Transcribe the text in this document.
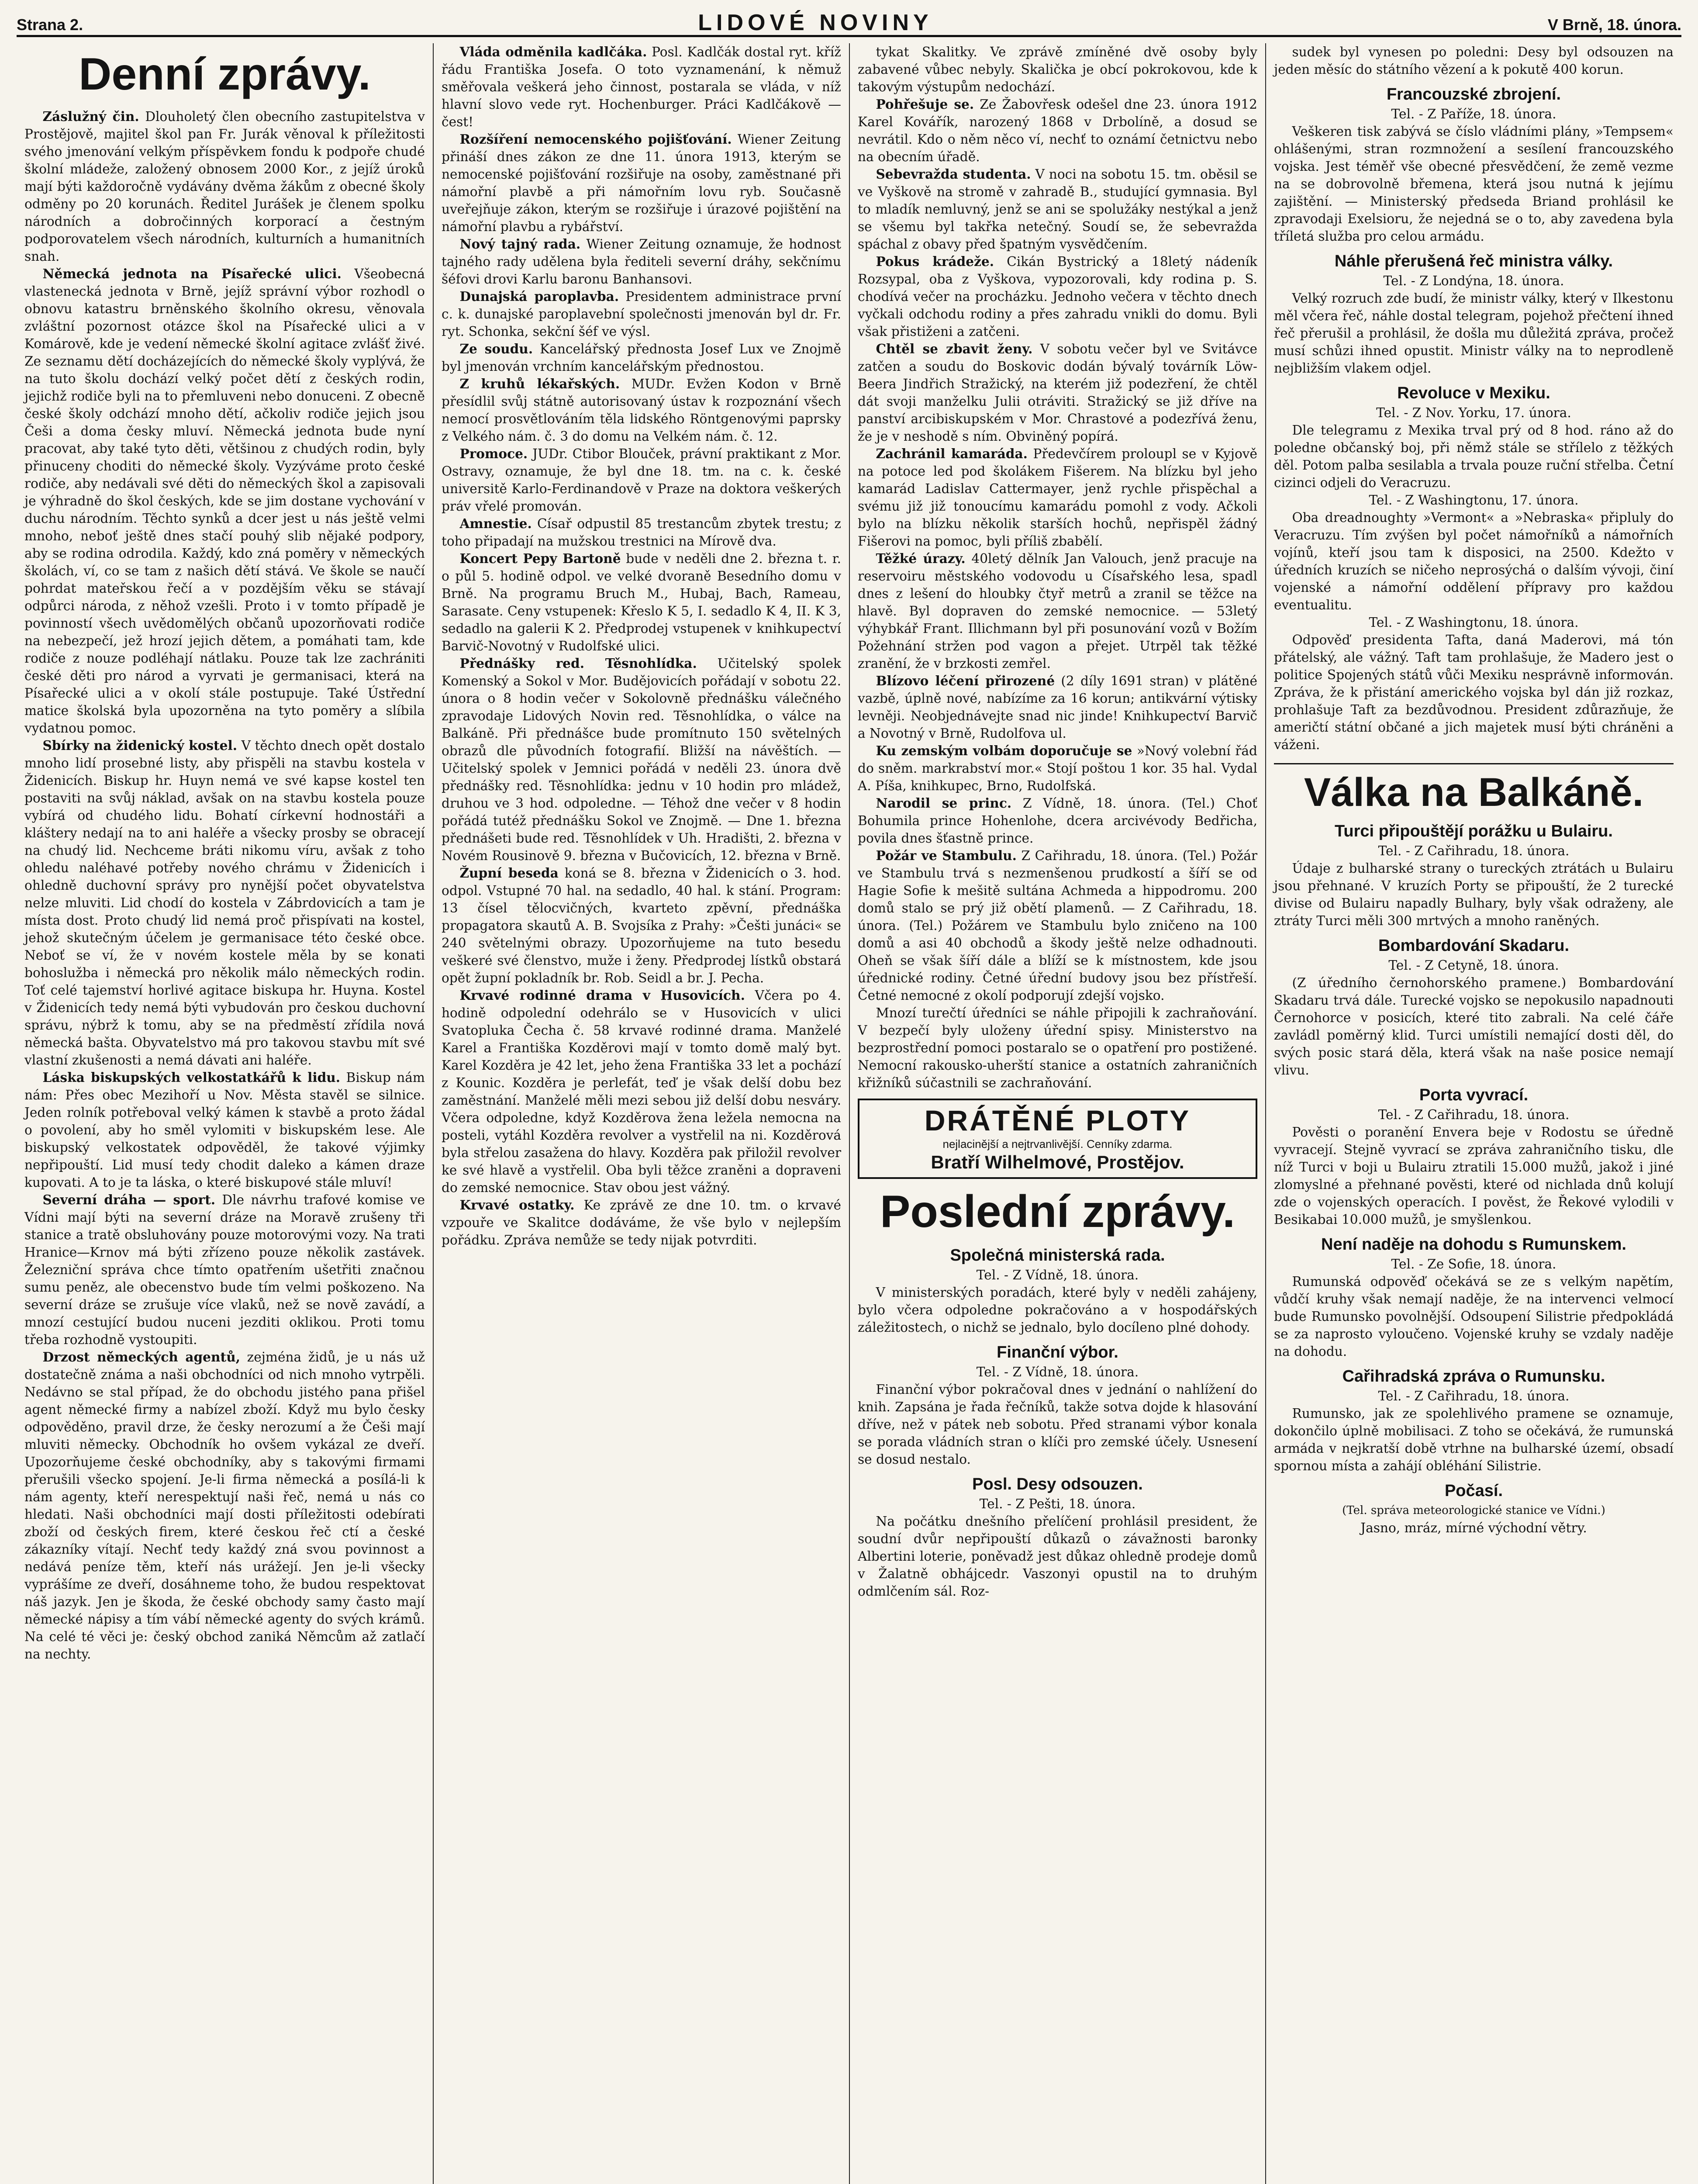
Strana 2.	LIDOVÉ NOVINY	V Brně, 18. února.
Denní zprávy.

Záslužný čin. Dlouholetý člen obecního zastupitelstva v Prostějově, majitel škol pan Fr. Jurák věnoval k příležitosti svého jmenování velkým příspěvkem fondu k podpoře chudé školní mládeže, založený obnosem 2000 Kor., z jejíž úroků mají býti každoročně vydávány dvěma žákům z obecné školy odměny po 20 korunách. Ředitel Jurášek je členem spolku národních a dobročinných korporací a čestným podporovatelem všech národních, kulturních a humanitních snah.

Německá jednota na Písařecké ulici. Všeobecná vlastenecká jednota v Brně, jejíž správní výbor rozhodl o obnovu katastru brněnského školního okresu, věnovala zvláštní pozornost otázce škol na Písařecké ulici a v Komárově, kde je vedení německé školní agitace zvlášť živé. Ze seznamu dětí docházejících do německé školy vyplývá, že na tuto školu dochází velký počet dětí z českých rodin, jejichž rodiče byli na to přemluveni nebo donuceni. Z obecně české školy odchází mnoho dětí, ačkoliv rodiče jejich jsou Češi a doma česky mluví. Německá jednota bude nyní pracovat, aby také tyto děti, většinou z chudých rodin, byly přinuceny choditi do německé školy. Vyzýváme proto české rodiče, aby nedávali své děti do německých škol a zapisovali je výhradně do škol českých, kde se jim dostane vychování v duchu národním. Těchto synků a dcer jest u nás ještě velmi mnoho, neboť ještě dnes stačí pouhý slib nějaké podpory, aby se rodina odrodila. Každý, kdo zná poměry v německých školách, ví, co se tam z našich dětí stává. Ve škole se naučí pohrdat mateřskou řečí a v pozdějším věku se stávají odpůrci národa, z něhož vzešli. Proto i v tomto případě je povinností všech uvědomělých občanů upozorňovati rodiče na nebezpečí, jež hrozí jejich dětem, a pomáhati tam, kde rodiče z nouze podléhají nátlaku. Pouze tak lze zachrániti české děti pro národ a vyrvati je germanisaci, která na Písařecké ulici a v okolí stále postupuje. Také Ústřední matice školská byla upozorněna na tyto poměry a slíbila vydatnou pomoc.

Sbírky na židenický kostel. V těchto dnech opět dostalo mnoho lidí prosebné listy, aby přispěli na stavbu kostela v Židenicích. Biskup hr. Huyn nemá ve své kapse kostel ten postaviti na svůj náklad, avšak on na stavbu kostela pouze vybírá od chudého lidu. Bohatí církevní hodnostáři a kláštery nedají na to ani haléře a všecky prosby se obracejí na chudý lid. Nechceme bráti nikomu víru, avšak z toho ohledu naléhavé potřeby nového chrámu v Židenicích i ohledně duchovní správy pro nynější počet obyvatelstva nelze mluviti. Lid chodí do kostela v Zábrdovicích a tam je místa dost. Proto chudý lid nemá proč přispívati na kostel, jehož skutečným účelem je germanisace této české obce. Neboť se ví, že v novém kostele měla by se konati bohoslužba i německá pro několik málo německých rodin. Toť celé tajemství horlivé agitace biskupa hr. Huyna. Kostel v Židenicích tedy nemá býti vybudován pro českou duchovní správu, nýbrž k tomu, aby se na předměstí zřídila nová německá bašta. Obyvatelstvo má pro takovou stavbu mít své vlastní zkušenosti a nemá dávati ani haléře.

Láska biskupských velkostatkářů k lidu. Biskup nám nám: Přes obec Mezihoří u Nov. Města stavěl se silnice. Jeden rolník potřeboval velký kámen k stavbě a proto žádal o povolení, aby ho směl vylomiti v biskupském lese. Ale biskupský velkostatek odpověděl, že takové výjimky nepřipouští. Lid musí tedy chodit daleko a kámen draze kupovati. A to je ta láska, o které biskupové stále mluví!

Severní dráha — sport. Dle návrhu trafové komise ve Vídni mají býti na severní dráze na Moravě zrušeny tři stanice a tratě obsluhovány pouze motorovými vozy. Na trati Hranice—Krnov má býti zřízeno pouze několik zastávek. Železniční správa chce tímto opatřením ušetřiti značnou sumu peněz, ale obecenstvo bude tím velmi poškozeno. Na severní dráze se zrušuje více vlaků, než se nově zavádí, a mnozí cestující budou nuceni jezditi oklikou. Proti tomu třeba rozhodně vystoupiti.

Drzost německých agentů, zejména židů, je u nás už dostatečně známa a naši obchodníci od nich mnoho vytrpěli. Nedávno se stal případ, že do obchodu jistého pana přišel agent německé firmy a nabízel zboží. Když mu bylo česky odpověděno, pravil drze, že česky nerozumí a že Češi mají mluviti německy. Obchodník ho ovšem vykázal ze dveří. Upozorňujeme české obchodníky, aby s takovými firmami přerušili všecko spojení. Je-li firma německá a posílá-li k nám agenty, kteří nerespektují naši řeč, nemá u nás co hledati. Naši obchodníci mají dosti příležitosti odebírati zboží od českých firem, které českou řeč ctí a české zákazníky vítají. Nechť tedy každý zná svou povinnost a nedává peníze těm, kteří nás urážejí. Jen je-li všecky vyprášíme ze dveří, dosáhneme toho, že budou respektovat náš jazyk. Jen je škoda, že české obchody samy často mají německé nápisy a tím vábí německé agenty do svých krámů. Na celé té věci je: český obchod zaniká Němcům až zatlačí na nechty.

Vláda odměnila kadlčáka. Posl. Kadlčák dostal ryt. kříž řádu Františka Josefa. O toto vyznamenání, k němuž směřovala veškerá jeho činnost, postarala se vláda, v níž hlavní slovo vede ryt. Hochenburger. Práci Kadlčákově — čest!

Rozšíření nemocenského pojišťování. Wiener Zeitung přináší dnes zákon ze dne 11. února 1913, kterým se nemocenské pojišťování rozšiřuje na osoby, zaměstnané při námořní plavbě a při námořním lovu ryb. Současně uveřejňuje zákon, kterým se rozšiřuje i úrazové pojištění na námořní plavbu a rybářství.

Nový tajný rada. Wiener Zeitung oznamuje, že hodnost tajného rady udělena byla řediteli severní dráhy, sekčnímu šéfovi drovi Karlu baronu Banhansovi.

Dunajská paroplavba. Presidentem administrace první c. k. dunajské paroplavební společnosti jmenován byl dr. Fr. ryt. Schonka, sekční šéf ve výsl.

Ze soudu. Kancelářský přednosta Josef Lux ve Znojmě byl jmenován vrchním kancelářským přednostou.

Z kruhů lékařských. MUDr. Evžen Kodon v Brně přesídlil svůj státně autorisovaný ústav k rozpoznání všech nemocí prosvětlováním těla lidského Röntgenovými paprsky z Velkého nám. č. 3 do domu na Velkém nám. č. 12.

Promoce. JUDr. Ctibor Blouček, právní praktikant z Mor. Ostravy, oznamuje, že byl dne 18. tm. na c. k. české universitě Karlo-Ferdinandově v Praze na doktora veškerých práv vřelé promován.

Amnestie. Císař odpustil 85 trestancům zbytek trestu; z toho připadají na mužskou trestnici na Mírově dva.

Koncert Pepy Bartoně bude v neděli dne 2. března t. r. o půl 5. hodině odpol. ve velké dvoraně Besedního domu v Brně. Na programu Bruch M., Hubaj, Bach, Rameau, Sarasate. Ceny vstupenek: Křeslo K 5, I. sedadlo K 4, II. K 3, sedadlo na galerii K 2. Předprodej vstupenek v knihkupectví Barvič-Novotný v Rudolfské ulici.

Přednášky red. Těsnohlídka. Učitelský spolek Komenský a Sokol v Mor. Budějovicích pořádají v sobotu 22. února o 8 hodin večer v Sokolovně přednášku válečného zpravodaje Lidových Novin red. Těsnohlídka, o válce na Balkáně. Při přednášce bude promítnuto 150 světelných obrazů dle původních fotografií. Bližší na návěštích. — Učitelský spolek v Jemnici pořádá v neděli 23. února dvě přednášky red. Těsnohlídka: jednu v 10 hodin pro mládež, druhou ve 3 hod. odpoledne. — Téhož dne večer v 8 hodin pořádá tutéž přednášku Sokol ve Znojmě. — Dne 1. března přednášeti bude red. Těsnohlídek v Uh. Hradišti, 2. března v Novém Rousinově 9. března v Bučovicích, 12. března v Brně.

Župní beseda koná se 8. března v Židenicích o 3. hod. odpol. Vstupné 70 hal. na sedadlo, 40 hal. k stání. Program: 13 čísel tělocvičných, kvarteto zpěvní, přednáška propagatora skautů A. B. Svojsíka z Prahy: »Češti junáci« se 240 světelnými obrazy. Upozorňujeme na tuto besedu veškeré své členstvo, muže i ženy. Předprodej lístků obstará opět župní pokladník br. Rob. Seidl a br. J. Pecha.

Krvavé rodinné drama v Husovicích. Včera po 4. hodině odpolední odehrálo se v Husovicích v ulici Svatopluka Čecha č. 58 krvavé rodinné drama. Manželé Karel a Františka Kozděrovi mají v tomto domě malý byt. Karel Kozděra je 42 let, jeho žena Františka 33 let a pochází z Kounic. Kozděra je perlefát, teď je však delší dobu bez zaměstnání. Manželé měli mezi sebou již delší dobu nesváry. Včera odpoledne, když Kozděrova žena ležela nemocna na posteli, vytáhl Kozděra revolver a vystřelil na ni. Kozděrová byla střelou zasažena do hlavy. Kozděra pak přiložil revolver ke své hlavě a vystřelil. Oba byli těžce zraněni a dopraveni do zemské nemocnice. Stav obou jest vážný.

Krvavé ostatky. Ke zprávě ze dne 10. tm. o krvavé vzpouře ve Skalitce dodáváme, že vše bylo v nejlepším pořádku. Zpráva nemůže se tedy nijak potvrditi.

tykat Skalitky. Ve zprávě zmíněné dvě osoby byly zabavené vůbec nebyly. Skalička je obcí pokrokovou, kde k takovým výstupům nedochází.

Pohřešuje se. Ze Žabovřesk odešel dne 23. února 1912 Karel Kovářík, narozený 1868 v Drbolíně, a dosud se nevrátil. Kdo o něm něco ví, nechť to oznámí četnictvu nebo na obecním úřadě.

Sebevražda studenta. V noci na sobotu 15. tm. oběsil se ve Vyškově na stromě v zahradě B., studující gymnasia. Byl to mladík nemluvný, jenž se ani se spolužáky nestýkal a jenž se všemu byl takřka netečný. Soudí se, že sebevražda spáchal z obavy před špatným vysvědčením.

Pokus krádeže. Cikán Bystrický a 18letý nádeník Rozsypal, oba z Vyškova, vypozorovali, kdy rodina p. S. chodívá večer na procházku. Jednoho večera v těchto dnech vyčkali odchodu rodiny a přes zahradu vnikli do domu. Byli však přistiženi a zatčeni.

Chtěl se zbavit ženy. V sobotu večer byl ve Svitávce zatčen a soudu do Boskovic dodán bývalý továrník Löw-Beera Jindřich Stražický, na kterém již podezření, že chtěl dát svoji manželku Julii otráviti. Stražický se již dříve na panství arcibiskupském v Mor. Chrastové a podezřívá ženu, že je v neshodě s ním. Obviněný popírá.

Zachránil kamaráda. Předevčírem proloupl se v Kyjově na potoce led pod školákem Fišerem. Na blízku byl jeho kamarád Ladislav Cattermayer, jenž rychle přispěchal a svému již již tonoucímu kamarádu pomohl z vody. Ačkoli bylo na blízku několik starších hochů, nepřispěl žádný Fišerovi na pomoc, byli příliš zbabělí.

Těžké úrazy. 40letý dělník Jan Valouch, jenž pracuje na reservoiru městského vodovodu u Císařského lesa, spadl dnes z lešení do hloubky čtyř metrů a zranil se těžce na hlavě. Byl dopraven do zemské nemocnice. — 53letý výhybkář Frant. Illichmann byl při posunování vozů v Božím Požehnání stržen pod vagon a přejet. Utrpěl tak těžké zranění, že v brzkosti zemřel.

Blízovo léčení přirozené (2 díly 1691 stran) v plátěné vazbě, úplně nové, nabízíme za 16 korun; antikvární výtisky levněji. Neobjednávejte snad nic jinde! Knihkupectví Barvič a Novotný v Brně, Rudolfova ul.

Ku zemským volbám doporučuje se »Nový volební řád do sněm. markrabství mor.« Stojí poštou 1 kor. 35 hal. Vydal A. Píša, knihkupec, Brno, Rudolfská.

Narodil se princ. Z Vídně, 18. února. (Tel.) Choť Bohumila prince Hohenlohe, dcera arcivévody Bedřicha, povila dnes šťastně prince.

Požár ve Stambulu. Z Cařihradu, 18. února. (Tel.) Požár ve Stambulu trvá s nezmenšenou prudkostí a šíří se od Hagie Sofie k mešitě sultána Achmeda a hippodromu. 200 domů stalo se prý již obětí plamenů. — Z Cařihradu, 18. února. (Tel.) Požárem ve Stambulu bylo zničeno na 100 domů a asi 40 obchodů a škody ještě nelze odhadnouti. Oheň se však šíří dále a blíží se k místnostem, kde jsou úřednické rodiny. Četné úřední budovy jsou bez přístřeší. Četné nemocné z okolí podporují zdejší vojsko.

Mnozí turečtí úředníci se náhle připojili k zachraňování. V bezpečí byly uloženy úřední spisy. Ministerstvo na bezprostřední pomoci postaralo se o opatření pro postižené. Nemocní rakousko-uherští stanice a ostatních zahraničních křižníků súčastnili se zachraňování.

DRÁTĚNÉ PLOTY
nejlacinější a nejtrvanlivější. Cenníky zdarma.
Bratří Wilhelmové, Prostějov.
Poslední zprávy.
Společná ministerská rada.

Tel. - Z Vídně, 18. února.

V ministerských poradách, které byly v neděli zahájeny, bylo včera odpoledne pokračováno a v hospodářských záležitostech, o nichž se jednalo, bylo docíleno plné dohody.

Finanční výbor.

Tel. - Z Vídně, 18. února.

Finanční výbor pokračoval dnes v jednání o nahlížení do knih. Zapsána je řada řečníků, takže sotva dojde k hlasování dříve, než v pátek neb sobotu. Před stranami výbor konala se porada vládních stran o klíči pro zemské účely. Usnesení se dosud nestalo.

Posl. Desy odsouzen.

Tel. - Z Pešti, 18. února.

Na počátku dnešního přelíčení prohlásil president, že soudní dvůr nepřipouští důkazů o závažnosti baronky Albertini loterie, poněvadž jest důkaz ohledně prodeje domů v Žalatně obhájcedr. Vaszonyi opustil na to druhým odmlčením sál. Roz-

sudek byl vynesen po poledni: Desy byl odsouzen na jeden měsíc do státního vězení a k pokutě 400 korun.

Francouzské zbrojení.

Tel. - Z Paříže, 18. února.

Veškeren tisk zabývá se číslo vládními plány, »Tempsem« ohlášenými, stran rozmnožení a sesílení francouzského vojska. Jest téměř vše obecné přesvědčení, že země vezme na se dobrovolně břemena, která jsou nutná k jejímu zajištění. — Ministerský předseda Briand prohlásil ke zpravodaji Exelsioru, že nejedná se o to, aby zavedena byla tříletá služba pro celou armádu.

Náhle přerušená řeč ministra války.

Tel. - Z Londýna, 18. února.

Velký rozruch zde budí, že ministr války, který v Ilkestonu měl včera řeč, náhle dostal telegram, pojehož přečtení ihned řeč přerušil a prohlásil, že došla mu důležitá zpráva, pročež musí schůzi ihned opustit. Ministr války na to neprodleně nejbližším vlakem odjel.

Revoluce v Mexiku.

Tel. - Z Nov. Yorku, 17. února.

Dle telegramu z Mexika trval prý od 8 hod. ráno až do poledne občanský boj, při němž stále se střílelo z těžkých děl. Potom palba sesilabla a trvala pouze ruční střelba. Četní cizinci odjeli do Veracruzu.

Tel. - Z Washingtonu, 17. února.

Oba dreadnoughty »Vermont« a »Nebraska« připluly do Veracruzu. Tím zvýšen byl počet námořníků a námořních vojínů, kteří jsou tam k disposici, na 2500. Kdežto v úředních kruzích se ničeho neprosýchá o dalším vývoji, činí vojenské a námořní oddělení přípravy pro každou eventualitu.

Tel. - Z Washingtonu, 18. února.

Odpověď presidenta Tafta, daná Maderovi, má tón přátelský, ale vážný. Taft tam prohlašuje, že Madero jest o politice Spojených států vůči Mexiku nesprávně informován. Zpráva, že k přistání amerického vojska byl dán již rozkaz, prohlašuje Taft za bezdůvodnou. President zdůrazňuje, že američtí státní občané a jich majetek musí býti chráněni a váženi.

Válka na Balkáně.
Turci připouštějí porážku u Bulairu.

Tel. - Z Cařihradu, 18. února.

Údaje z bulharské strany o tureckých ztrátách u Bulairu jsou přehnané. V kruzích Porty se připouští, že 2 turecké divise od Bulairu napadly Bulhary, byly však odraženy, ale ztráty Turci měli 300 mrtvých a mnoho raněných.

Bombardování Skadaru.

Tel. - Z Cetyně, 18. února.

(Z úředního černohorského pramene.) Bombardování Skadaru trvá dále. Turecké vojsko se nepokusilo napadnouti Černohorce v posicích, které tito zabrali. Na celé čáře zavládl poměrný klid. Turci umístili nemající dosti děl, do svých posic stará děla, která však na naše posice nemají vlivu.

Porta vyvrací.

Tel. - Z Cařihradu, 18. února.

Pověsti o poranění Envera beje v Rodostu se úředně vyvracejí. Stejně vyvrací se zpráva zahraničního tisku, dle níž Turci v boji u Bulairu ztratili 15.000 mužů, jakož i jiné zlomyslné a přehnané pověsti, které od nichlada dnů kolují zde o vojenských operacích. I pověst, že Řekové vylodili v Besikabai 10.000 mužů, je smyšlenkou.

Není naděje na dohodu s Rumunskem.

Tel. - Ze Sofie, 18. února.

Rumunská odpověď očekává se ze s velkým napětím, vůdčí kruhy však nemají naděje, že na intervenci velmocí bude Rumunsko povolnější. Odsoupení Silistrie předpokládá se za naprosto vyloučeno. Vojenské kruhy se vzdaly naděje na dohodu.

Cařihradská zpráva o Rumunsku.

Tel. - Z Cařihradu, 18. února.

Rumunsko, jak ze spolehlivého pramene se oznamuje, dokončilo úplně mobilisaci. Z toho se očekává, že rumunská armáda v nejkratší době vtrhne na bulharské území, obsadí spornou místa a zahájí obléhání Silistrie.

Počasí.

(Tel. správa meteorologické stanice ve Vídni.)

Jasno, mráz, mírné východní větry.
